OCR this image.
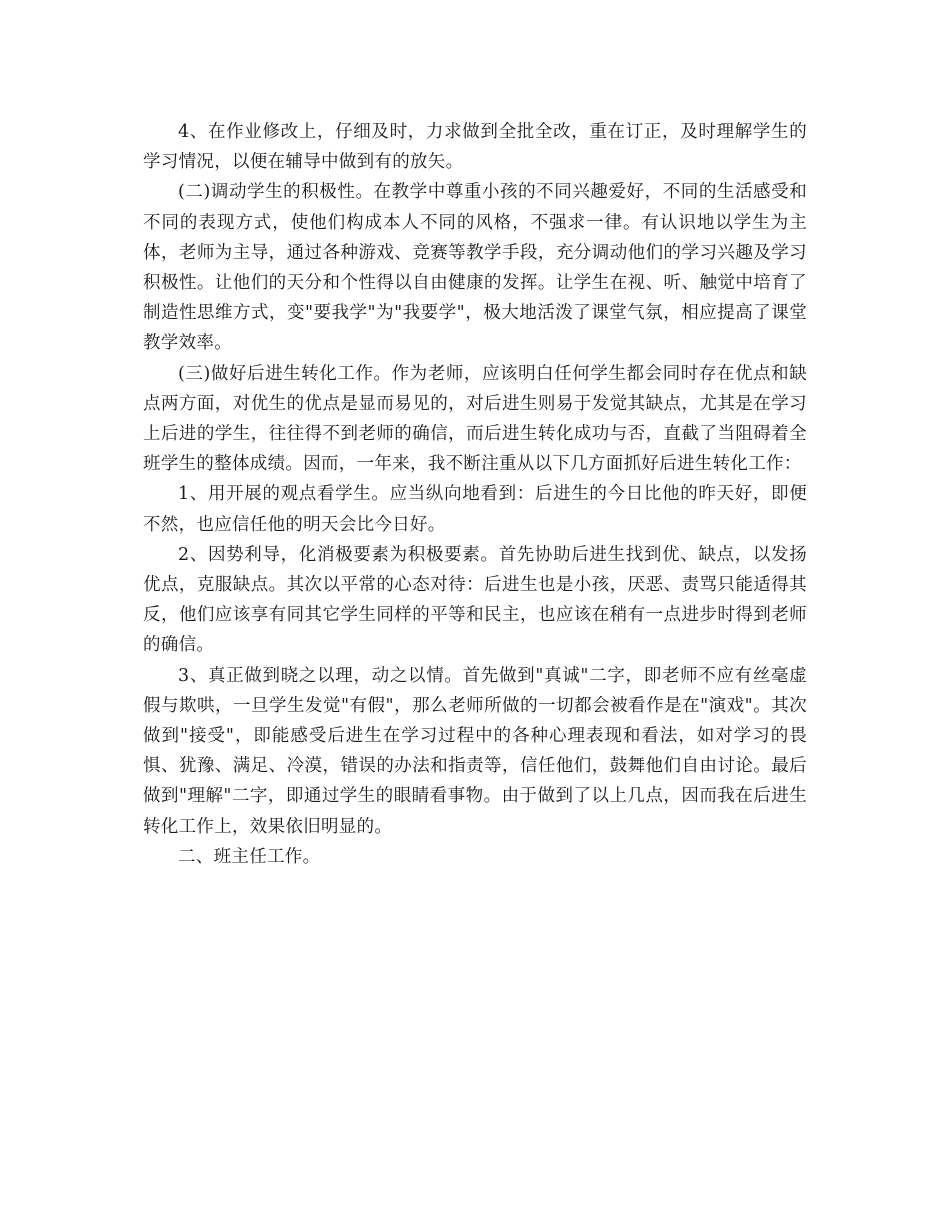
4、在作业修改上，仔细及时，力求做到全批全改，重在订正，及时理解学生的学习情况，以便在辅导中做到有的放矢。

(二)调动学生的积极性。在教学中尊重小孩的不同兴趣爱好，不同的生活感受和不同的表现方式，使他们构成本人不同的风格，不强求一律。有认识地以学生为主体，老师为主导，通过各种游戏、竞赛等教学手段，充分调动他们的学习兴趣及学习积极性。让他们的天分和个性得以自由健康的发挥。让学生在视、听、触觉中培育了制造性思维方式，变"要我学"为"我要学"，极大地活泼了课堂气氛，相应提高了课堂教学效率。

(三)做好后进生转化工作。作为老师，应该明白任何学生都会同时存在优点和缺点两方面，对优生的优点是显而易见的，对后进生则易于发觉其缺点，尤其是在学习上后进的学生，往往得不到老师的确信，而后进生转化成功与否，直截了当阻碍着全班学生的整体成绩。因而，一年来，我不断注重从以下几方面抓好后进生转化工作：

1、用开展的观点看学生。应当纵向地看到：后进生的今日比他的昨天好，即便不然，也应信任他的明天会比今日好。

2、因势利导，化消极要素为积极要素。首先协助后进生找到优、缺点，以发扬优点，克服缺点。其次以平常的心态对待：后进生也是小孩，厌恶、责骂只能适得其反，他们应该享有同其它学生同样的平等和民主，也应该在稍有一点进步时得到老师的确信。

3、真正做到晓之以理，动之以情。首先做到"真诚"二字，即老师不应有丝毫虚假与欺哄，一旦学生发觉"有假"，那么老师所做的一切都会被看作是在"演戏"。其次做到"接受"，即能感受后进生在学习过程中的各种心理表现和看法，如对学习的畏惧、犹豫、满足、冷漠，错误的办法和指责等，信任他们，鼓舞他们自由讨论。最后做到"理解"二字，即通过学生的眼睛看事物。由于做到了以上几点，因而我在后进生转化工作上，效果依旧明显的。

二、班主任工作。
